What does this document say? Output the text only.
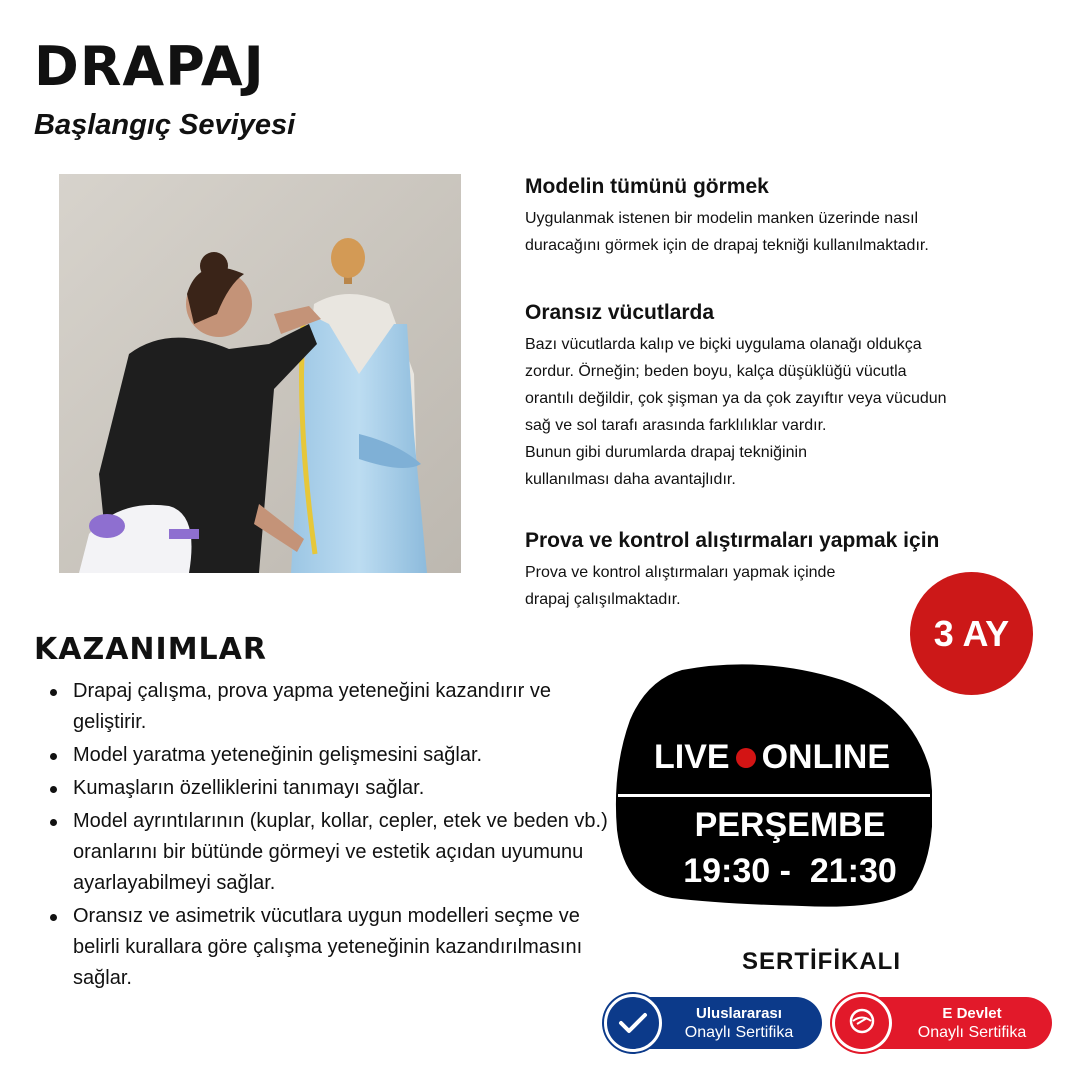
DRAPAJ
Başlangıç Seviyesi
Modelin tümünü görmek

Uygulanmak istenen bir modelin manken üzerinde nasıl
duracağını görmek için de drapaj tekniği kullanılmaktadır.

Oransız vücutlarda

Bazı vücutlarda kalıp ve biçki uygulama olanağı oldukça
zordur. Örneğin; beden boyu, kalça düşüklüğü vücutla
orantılı değildir, çok şişman ya da çok zayıftır veya vücudun
sağ ve sol tarafı arasında farklılıklar vardır.
Bunun gibi durumlarda drapaj tekniğinin
kullanılması daha avantajlıdır.

Prova ve kontrol alıştırmaları yapmak için

Prova ve kontrol alıştırmaları yapmak içinde
drapaj çalışılmaktadır.

KAZANIMLAR
Drapaj çalışma, prova yapma yeteneğini kazandırır ve geliştirir.
Model yaratma yeteneğinin gelişmesini sağlar.
Kumaşların özelliklerini tanımayı sağlar.
Model ayrıntılarının (kuplar, kollar, cepler, etek ve beden vb.) oranlarını bir bütünde görmeyi ve estetik açıdan uyumunu ayarlayabilmeyi sağlar.
Oransız ve asimetrik vücutlara uygun modelleri seçme ve belirli kurallara göre çalışma yeteneğinin kazandırılmasını sağlar.
3 AY
LIVE ONLINE
PERŞEMBE
19:30 -  21:30
SERTİFİKALI
Uluslararası
Onaylı Sertifika
E Devlet
Onaylı Sertifika
